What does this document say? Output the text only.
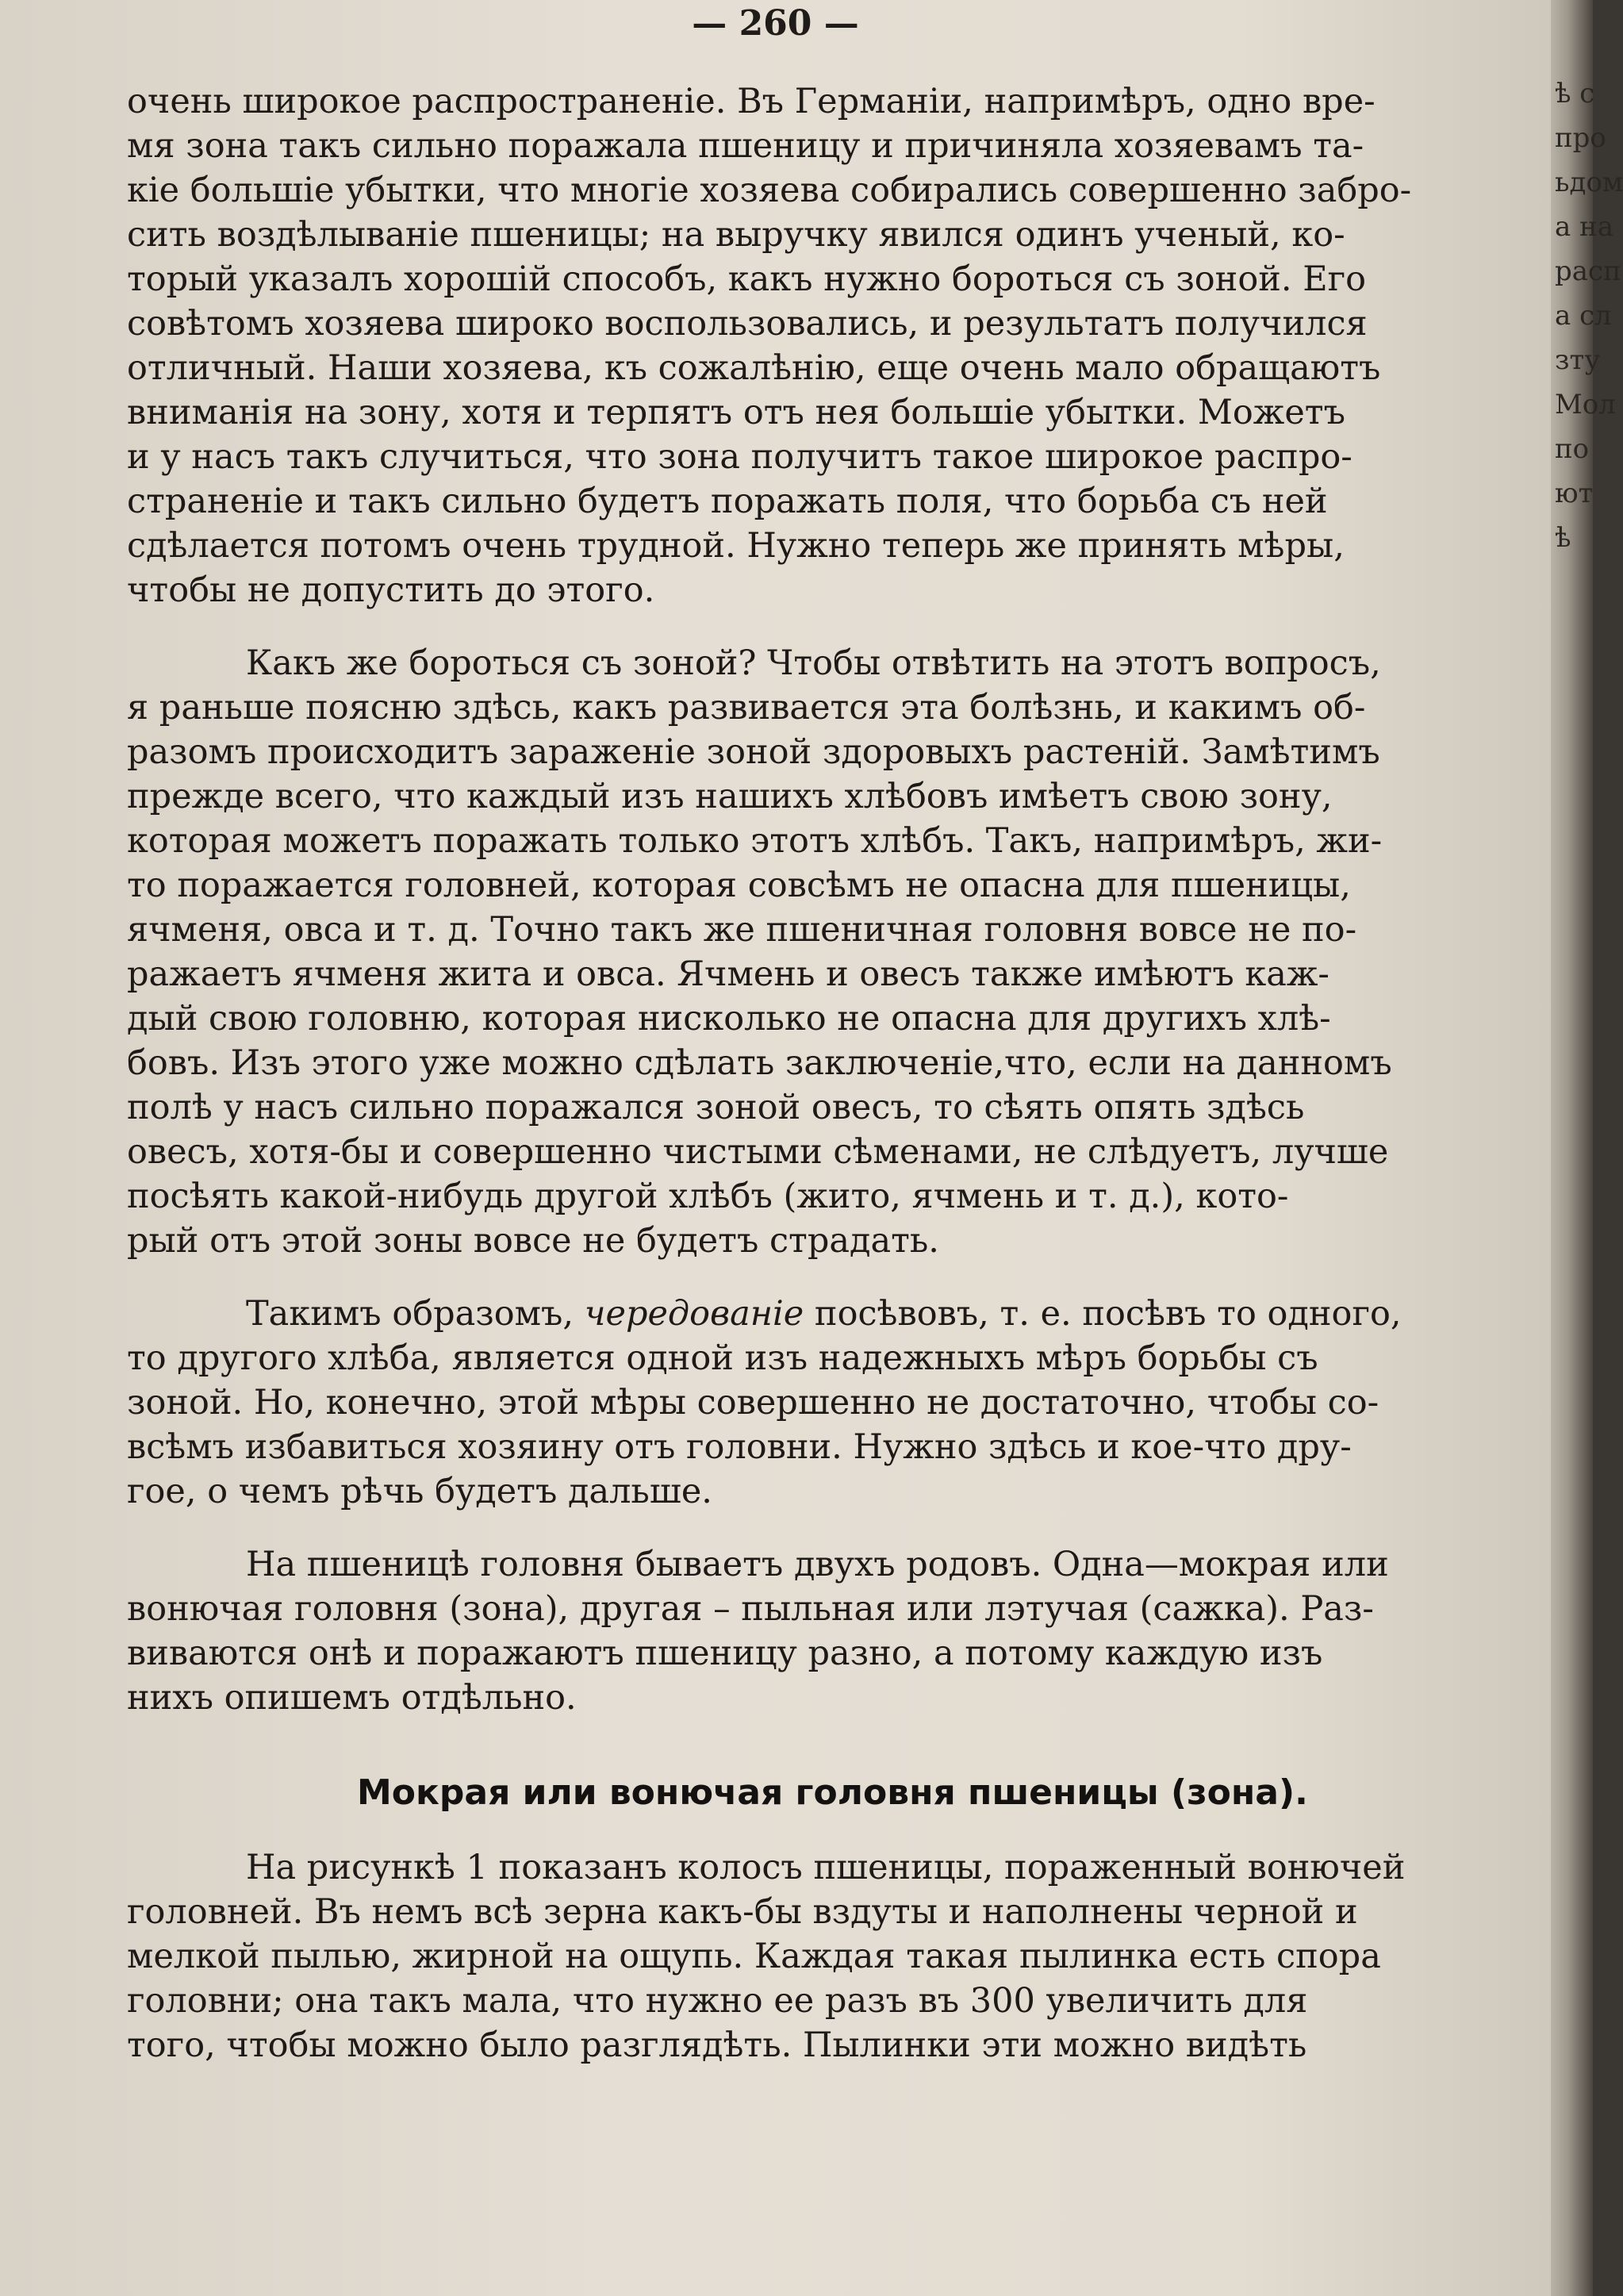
— 260 —
очень широкое распространеніе. Въ Германіи, напримѣръ, одно вре-
мя зона такъ сильно поражала пшеницу и причиняла хозяевамъ та-
кіе большіе убытки, что многіе хозяева собирались совершенно забро-
сить воздѣлываніе пшеницы; на выручку явился одинъ ученый, ко-
торый указалъ хорошій способъ, какъ нужно бороться съ зоной. Его
совѣтомъ хозяева широко воспользовались, и результатъ получился
отличный. Наши хозяева, къ сожалѣнію, еще очень мало обращаютъ
вниманія на зону, хотя и терпятъ отъ нея большіе убытки. Можетъ
и у насъ такъ случиться, что зона получитъ такое широкое распро-
страненіе и такъ сильно будетъ поражать поля, что борьба съ ней
сдѣлается потомъ очень трудной. Нужно теперь же принять мѣры,
чтобы не допустить до этого.
Какъ же бороться съ зоной? Чтобы отвѣтить на этотъ вопросъ,
я раньше поясню здѣсь, какъ развивается эта болѣзнь, и какимъ об-
разомъ происходитъ зараженіе зоной здоровыхъ растеній. Замѣтимъ
прежде всего, что каждый изъ нашихъ хлѣбовъ имѣетъ свою зону,
которая можетъ поражать только этотъ хлѣбъ. Такъ, напримѣръ, жи-
то поражается головней, которая совсѣмъ не опасна для пшеницы,
ячменя, овса и т. д. Точно такъ же пшеничная головня вовсе не по-
ражаетъ ячменя жита и овса. Ячмень и овесъ также имѣютъ каж-
дый свою головню, которая нисколько не опасна для другихъ хлѣ-
бовъ. Изъ этого уже можно сдѣлать заключеніе,что, если на данномъ
полѣ у насъ сильно поражался зоной овесъ, то сѣять опять здѣсь
овесъ, хотя-бы и совершенно чистыми сѣменами, не слѣдуетъ, лучше
посѣять какой-нибудь другой хлѣбъ (жито, ячмень и т. д.), кото-
рый отъ этой зоны вовсе не будетъ страдать.
Такимъ образомъ, чередованіе посѣвовъ, т. е. посѣвъ то одного,
то другого хлѣба, является одной изъ надежныхъ мѣръ борьбы съ
зоной. Но, конечно, этой мѣры совершенно не достаточно, чтобы со-
всѣмъ избавиться хозяину отъ головни. Нужно здѣсь и кое-что дру-
гое, о чемъ рѣчь будетъ дальше.
На пшеницѣ головня бываетъ двухъ родовъ. Одна—мокрая или
вонючая головня (зона), другая – пыльная или лэтучая (сажка). Раз-
виваются онѣ и поражаютъ пшеницу разно, а потому каждую изъ
нихъ опишемъ отдѣльно.
Мокрая или вонючая головня пшеницы (зона).
На рисункѣ 1 показанъ колосъ пшеницы, пораженный вонючей
головней. Въ немъ всѣ зерна какъ-бы вздуты и наполнены черной и
мелкой пылью, жирной на ощупь. Каждая такая пылинка есть спора
головни; она такъ мала, что нужно ее разъ въ 300 увеличить для
того, чтобы можно было разглядѣть. Пылинки эти можно видѣть
ѣ с
про
ьдом
а на
расп
а сл
зту
Мол
по
ют
ѣ
